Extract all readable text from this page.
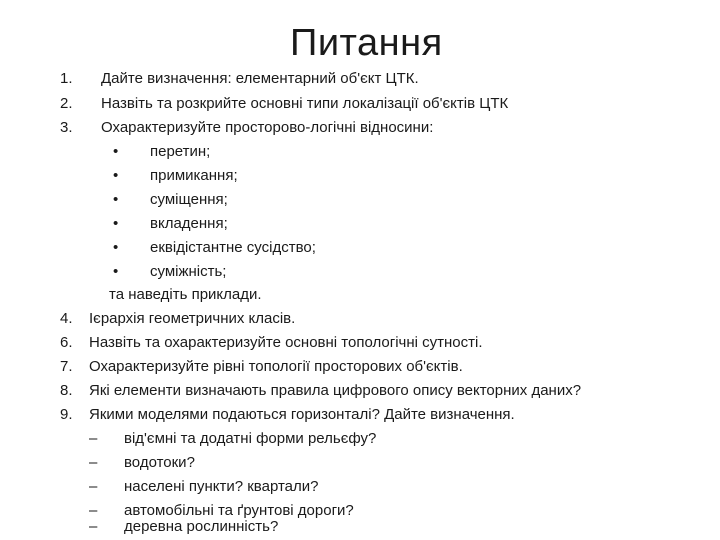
Питання
1. Дайте визначення: елементарний об'єкт ЦТК.
2. Назвіть та розкрийте основні типи локалізації об'єктів ЦТК
3. Охарактеризуйте просторово-логічні відносини:
• перетин;
• примикання;
• суміщення;
• вкладення;
• еквідістантне сусідство;
• суміжність;
та наведіть приклади.
4. Ієрархія геометричних класів.
6. Назвіть та охарактеризуйте основні топологічні сутності.
7. Охарактеризуйте рівні топології просторових об'єктів.
8. Які елементи визначають правила цифрового опису векторних даних?
9. Якими моделями подаються горизонталі? Дайте визначення.
– від'ємні та додатні форми рельєфу?
– водотоки?
– населені пункти? квартали?
– автомобільні та ґрунтові дороги?
– деревна рослинність?
